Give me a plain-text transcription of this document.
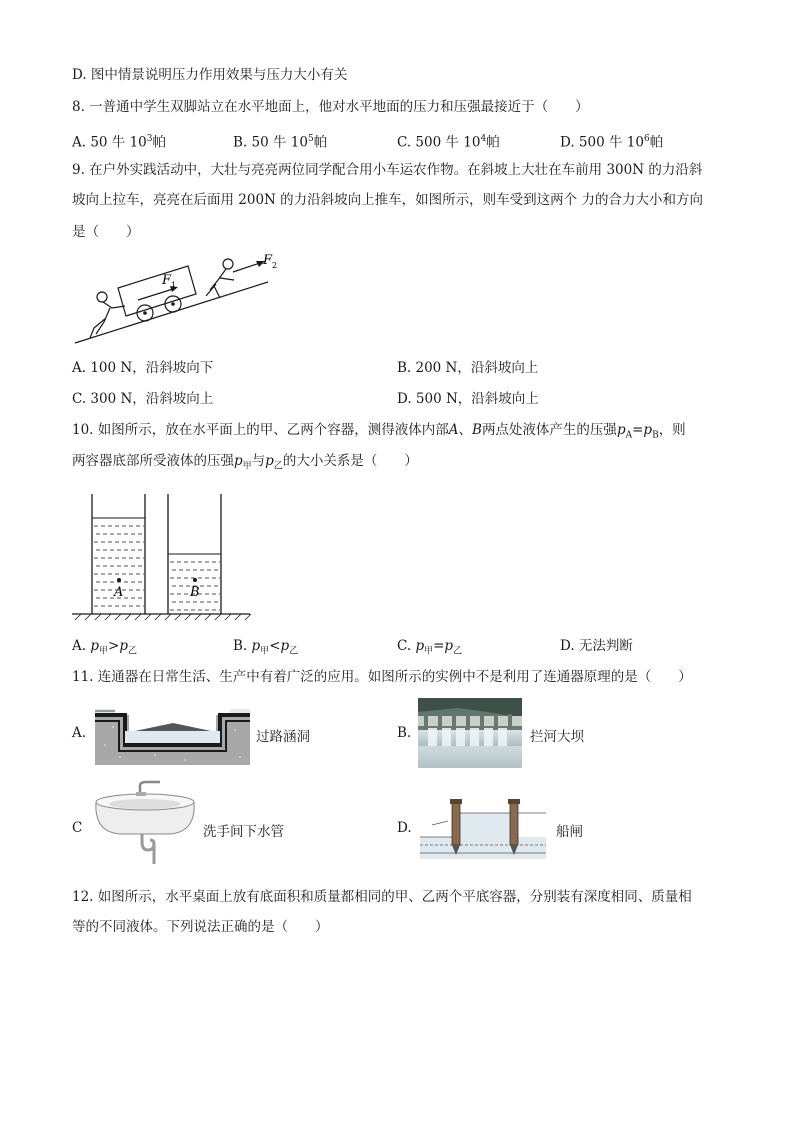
D. 图中情景说明压力作用效果与压力大小有关
8. 一普通中学生双脚站立在水平地面上，他对水平地面的压力和压强最接近于（　　）
A. 50 牛 $10^3$帕	B. 50 牛 $10^5$帕	C. 500 牛 $10^4$帕	D. 500 牛 $10^6$帕
9. 在户外实践活动中，大壮与亮亮两位同学配合用小车运农作物。在斜坡上大壮在车前用 300N 的力沿斜
坡向上拉车，亮亮在后面用 200N 的力沿斜坡向上推车，如图所示，则车受到这两个 力的合力大小和方向
是（　　）
F 1
F 2
A. 100 N，沿斜坡向下	B. 200 N，沿斜坡向上
C. 300 N，沿斜坡向上	D. 500 N，沿斜坡向上
10. 如图所示，放在水平面上的甲、乙两个容器，测得液体内部A、B两点处液体产生的压强$p_A=p_B$，则
两容器底部所受液体的压强$p_甲$与$p_乙$的大小关系是（　　）
A	B
A. $p_甲>p_乙$	B. $p_甲<p_乙$	C. $p_甲=p_乙$	D. 无法判断
11. 连通器在日常生活、生产中有着广泛的应用。如图所示的实例中不是利用了连通器原理的是（　　）
A.	过路涵洞	B.	拦河大坝
C	洗手间下水管	D.	船闸
12. 如图所示，水平桌面上放有底面积和质量都相同的甲、乙两个平底容器，分别装有深度相同、质量相
等的不同液体。下列说法正确的是（　　）
